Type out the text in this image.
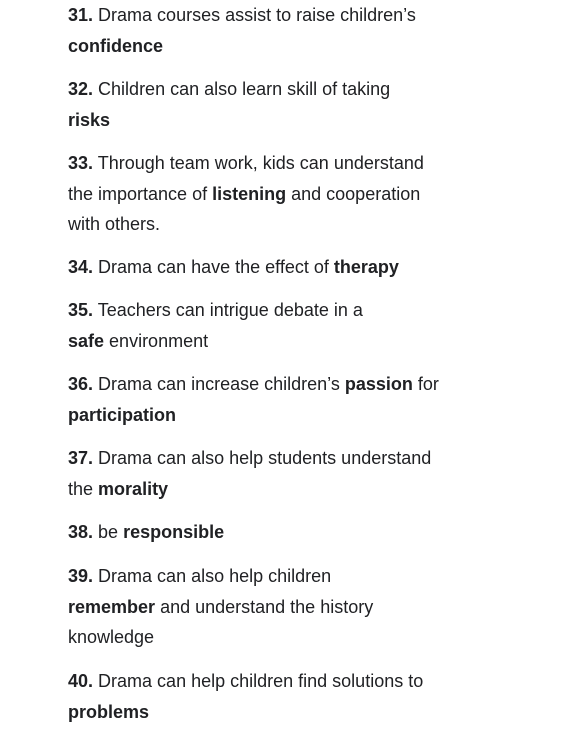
31. Drama courses assist to raise children’s
confidence

32. Children can also learn skill of taking
risks

33. Through team work, kids can understand
the importance of listening and cooperation
with others.

34. Drama can have the effect of therapy

35. Teachers can intrigue debate in a
safe environment

36. Drama can increase children’s passion for
participation

37. Drama can also help students understand
the morality

38. be responsible

39. Drama can also help children
remember and understand the history
knowledge

40. Drama can help children find solutions to
problems
